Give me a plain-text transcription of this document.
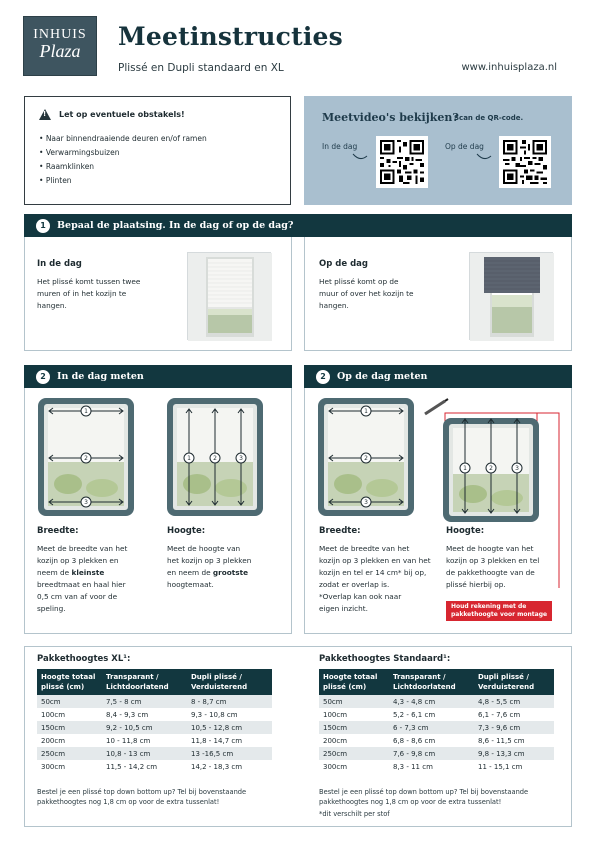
INHUIS
Plaza	Meetinstructies
Plissé en Dupli standaard en XL	www.inhuisplaza.nl
! Let op eventuele obstakels!
• Naar binnendraaiende deuren en/of ramen
• Verwarmingsbuizen
• Raamklinken
• Plinten
Meetvideo's bekijken?
Scan de QR-code.
In de dag	Op de dag
1	Bepaal de plaatsing. In de dag of op de dag?
In de dag
Het plissé komt tussen twee
muren of in het kozijn te
hangen.
Op de dag
Het plissé komt op de
muur of over het kozijn te
hangen.
2	In de dag meten
1
2
3
1	2	3
Breedte:
Meet de breedte van het
kozijn op 3 plekken en
neem de kleinste
breedtmaat en haal hier
0,5 cm van af voor de
speling.
Hoogte:
Meet de hoogte van
het kozijn op 3 plekken
en neem de grootste
hoogtemaat.
2	Op de dag meten
1
2
3
1	2	3
Breedte:
Meet de breedte van het
kozijn op 3 plekken en van het
kozijn en tel er 14 cm* bij op,
zodat er overlap is.
*Overlap kan ook naar
eigen inzicht.
Hoogte:
Meet de hoogte van het
kozijn op 3 plekken en tel
de pakkethoogte van de
plissé hierbij op.
Houd rekening met de
pakkethoogte voor montage
Pakkethoogtes XL¹:
Hoogte totaal plissé (cm)	Transparant / Lichtdoorlatend	Dupli plissé / Verduisterend
50cm	7,5 - 8 cm	8 - 8,7 cm
100cm	8,4 - 9,3 cm	9,3 - 10,8 cm
150cm	9,2 - 10,5 cm	10,5 - 12,8 cm
200cm	10 - 11,8 cm	11,8 - 14,7 cm
250cm	10,8 - 13 cm	13 -16,5 cm
300cm	11,5 - 14,2 cm	14,2 - 18,3 cm
Bestel je een plissé top down bottom up? Tel bij bovenstaande
pakkethoogtes nog 1,8 cm op voor de extra tussenlat!
Pakkethoogtes Standaard¹:
Hoogte totaal plissé (cm)	Transparant / Lichtdoorlatend	Dupli plissé / Verduisterend
50cm	4,3 - 4,8 cm	4,8 - 5,5 cm
100cm	5,2 - 6,1 cm	6,1 - 7,6 cm
150cm	6 - 7,3 cm	7,3 - 9,6 cm
200cm	6,8 - 8,6 cm	8,6 - 11,5 cm
250cm	7,6 - 9,8 cm	9,8 - 13,3 cm
300cm	8,3 - 11 cm	11 - 15,1 cm
Bestel je een plissé top down bottom up? Tel bij bovenstaande
pakkethoogtes nog 1,8 cm op voor de extra tussenlat!
*dit verschilt per stof
